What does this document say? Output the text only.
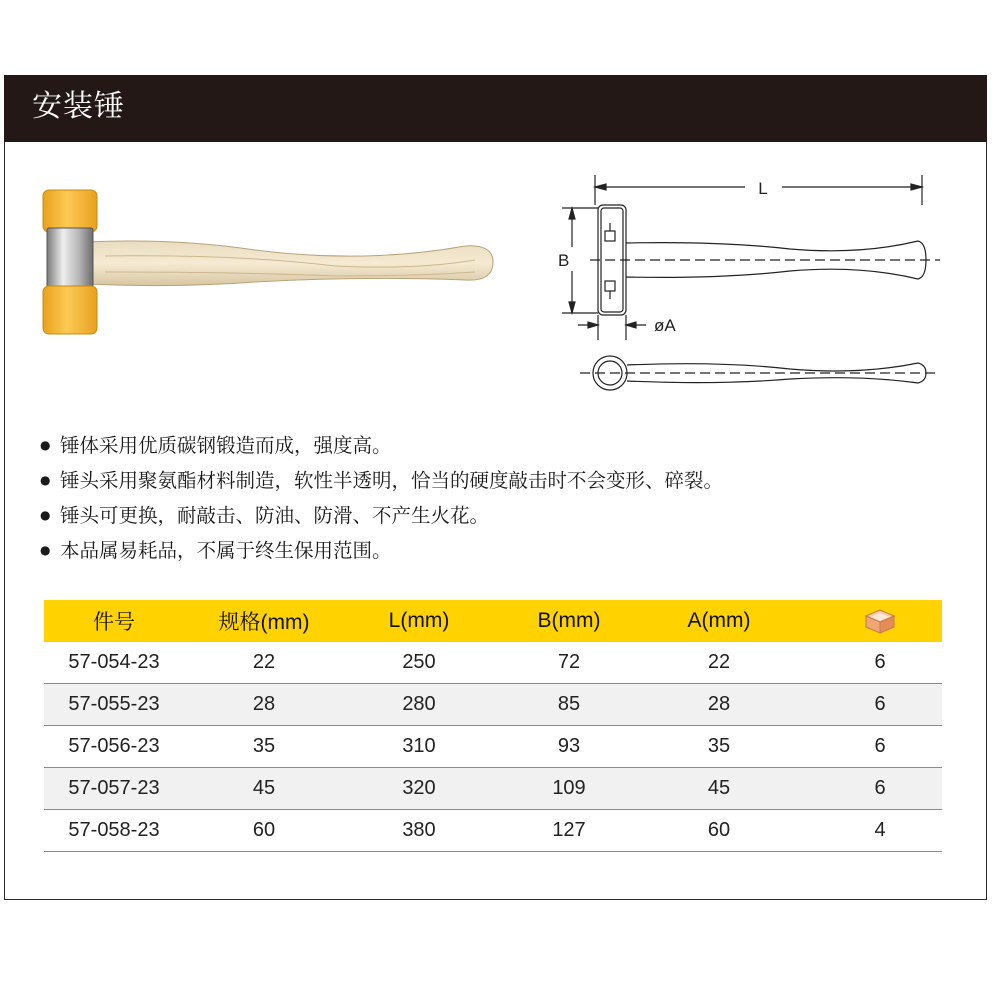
安装锤
L
B
øA
● 锤体采用优质碳钢锻造而成，强度高。
● 锤头采用聚氨酯材料制造，软性半透明，恰当的硬度敲击时不会变形、碎裂。
● 锤头可更换，耐敲击、防油、防滑、不产生火花。
● 本品属易耗品，不属于终生保用范围。
件号	规格(mm)	L(mm)	B(mm)	A(mm)	
57-054-23	22	250	72	22	6
57-055-23	28	280	85	28	6
57-056-23	35	310	93	35	6
57-057-23	45	320	109	45	6
57-058-23	60	380	127	60	4
